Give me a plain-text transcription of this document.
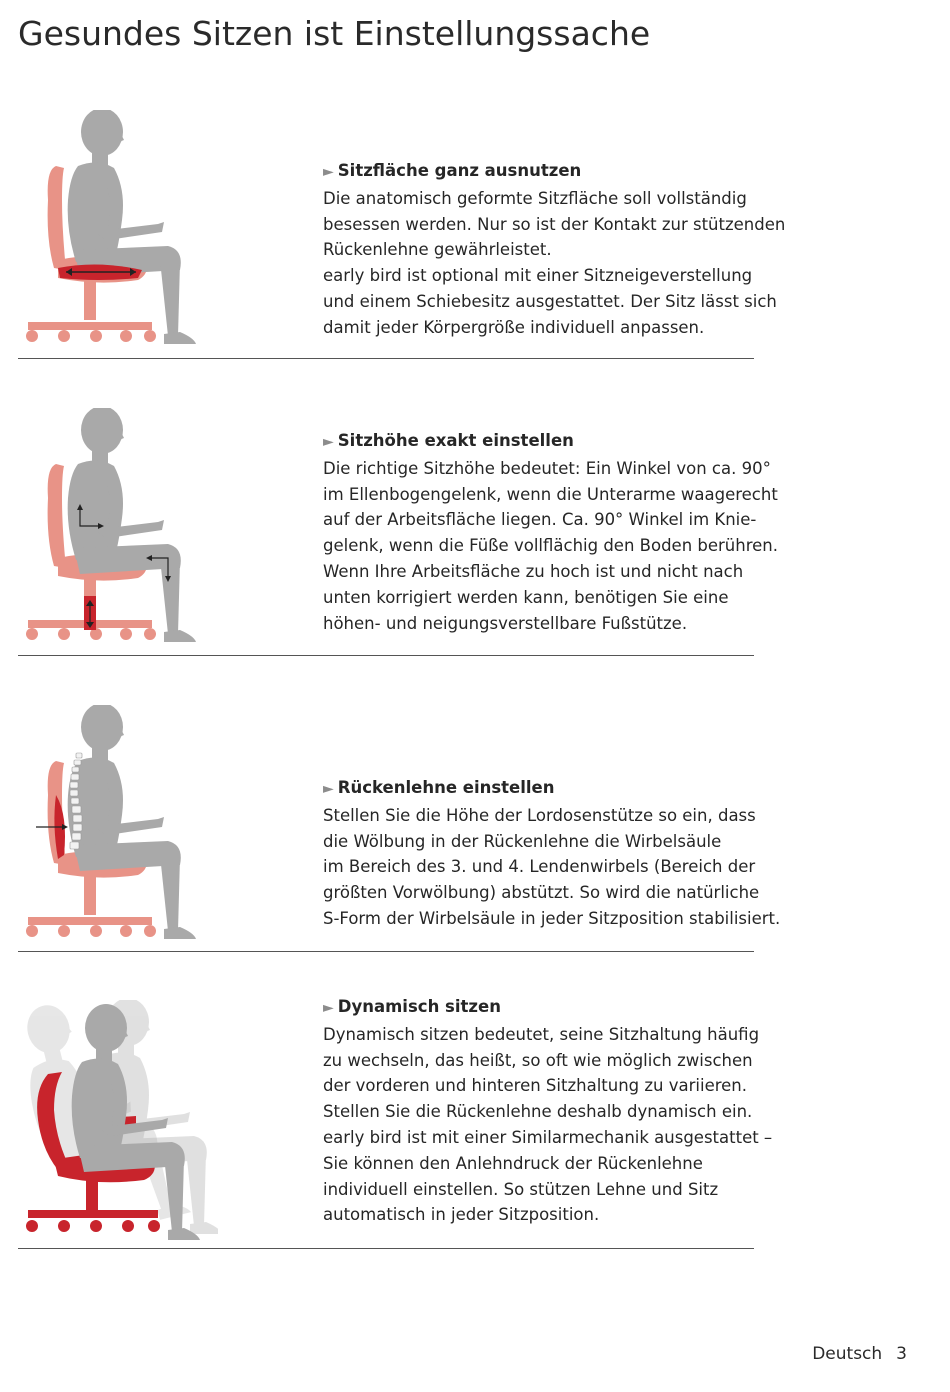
Gesundes Sitzen ist Einstellungssache
► Sitzfläche ganz ausnutzen
Die anatomisch geformte Sitzfläche soll vollständig
besessen werden. Nur so ist der Kontakt zur stützenden
Rückenlehne gewährleistet.
early bird ist optional mit einer Sitzneigeverstellung
und einem Schiebesitz ausgestattet. Der Sitz lässt sich
damit jeder Körpergröße individuell anpassen.
► Sitzhöhe exakt einstellen
Die richtige Sitzhöhe bedeutet: Ein Winkel von ca. 90°
im Ellenbogengelenk, wenn die Unterarme waagerecht
auf der Arbeitsfläche liegen. Ca. 90° Winkel im Knie-
gelenk, wenn die Füße vollflächig den Boden berühren.
Wenn Ihre Arbeitsfläche zu hoch ist und nicht nach
unten korrigiert werden kann, benötigen Sie eine
höhen- und neigungsverstellbare Fußstütze.
► Rückenlehne einstellen
Stellen Sie die Höhe der Lordosenstütze so ein, dass
die Wölbung in der Rückenlehne die Wirbelsäule
im Bereich des 3. und 4. Lendenwirbels (Bereich der
größten Vorwölbung) abstützt. So wird die natürliche
S-Form der Wirbelsäule in jeder Sitzposition stabilisiert.
► Dynamisch sitzen
Dynamisch sitzen bedeutet, seine Sitzhaltung häufig
zu wechseln, das heißt, so oft wie möglich zwischen
der vorderen und hinteren Sitzhaltung zu variieren.
Stellen Sie die Rückenlehne deshalb dynamisch ein.
early bird ist mit einer Similarmechanik ausgestattet –
Sie können den Anlehndruck der Rückenlehne
individuell einstellen. So stützen Lehne und Sitz
automatisch in jeder Sitzposition.
Deutsch 3
